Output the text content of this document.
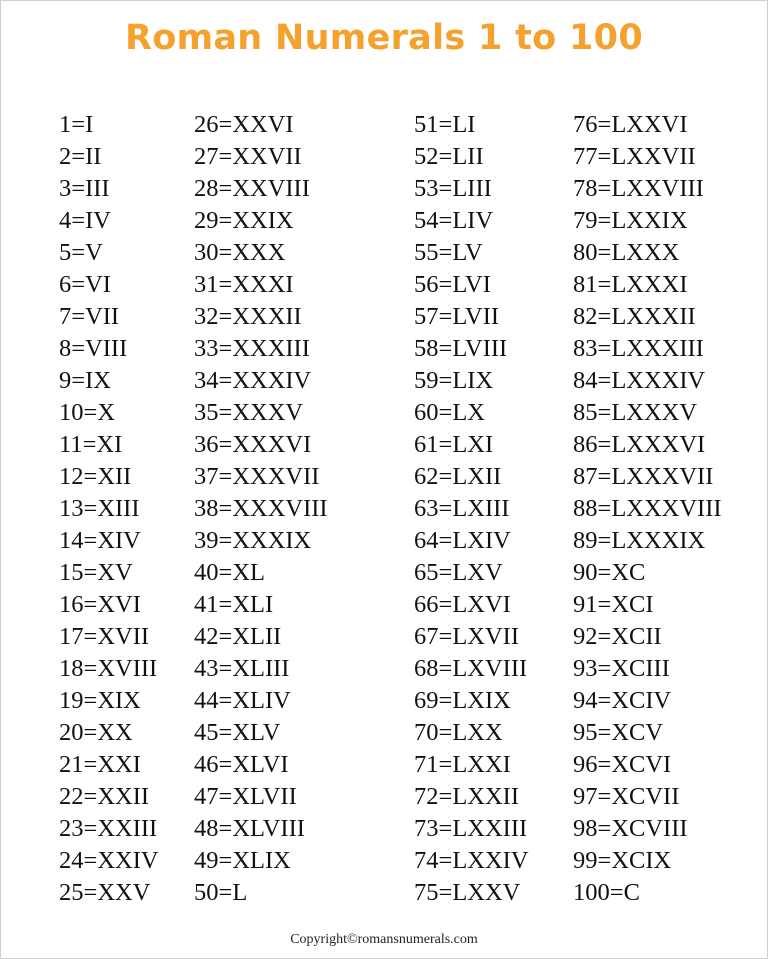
Roman Numerals 1 to 100
1=I
2=II
3=III
4=IV
5=V
6=VI
7=VII
8=VIII
9=IX
10=X
11=XI
12=XII
13=XIII
14=XIV
15=XV
16=XVI
17=XVII
18=XVIII
19=XIX
20=XX
21=XXI
22=XXII
23=XXIII
24=XXIV
25=XXV
26=XXVI
27=XXVII
28=XXVIII
29=XXIX
30=XXX
31=XXXI
32=XXXII
33=XXXIII
34=XXXIV
35=XXXV
36=XXXVI
37=XXXVII
38=XXXVIII
39=XXXIX
40=XL
41=XLI
42=XLII
43=XLIII
44=XLIV
45=XLV
46=XLVI
47=XLVII
48=XLVIII
49=XLIX
50=L
51=LI
52=LII
53=LIII
54=LIV
55=LV
56=LVI
57=LVII
58=LVIII
59=LIX
60=LX
61=LXI
62=LXII
63=LXIII
64=LXIV
65=LXV
66=LXVI
67=LXVII
68=LXVIII
69=LXIX
70=LXX
71=LXXI
72=LXXII
73=LXXIII
74=LXXIV
75=LXXV
76=LXXVI
77=LXXVII
78=LXXVIII
79=LXXIX
80=LXXX
81=LXXXI
82=LXXXII
83=LXXXIII
84=LXXXIV
85=LXXXV
86=LXXXVI
87=LXXXVII
88=LXXXVIII
89=LXXXIX
90=XC
91=XCI
92=XCII
93=XCIII
94=XCIV
95=XCV
96=XCVI
97=XCVII
98=XCVIII
99=XCIX
100=C
Copyright©romansnumerals.com
